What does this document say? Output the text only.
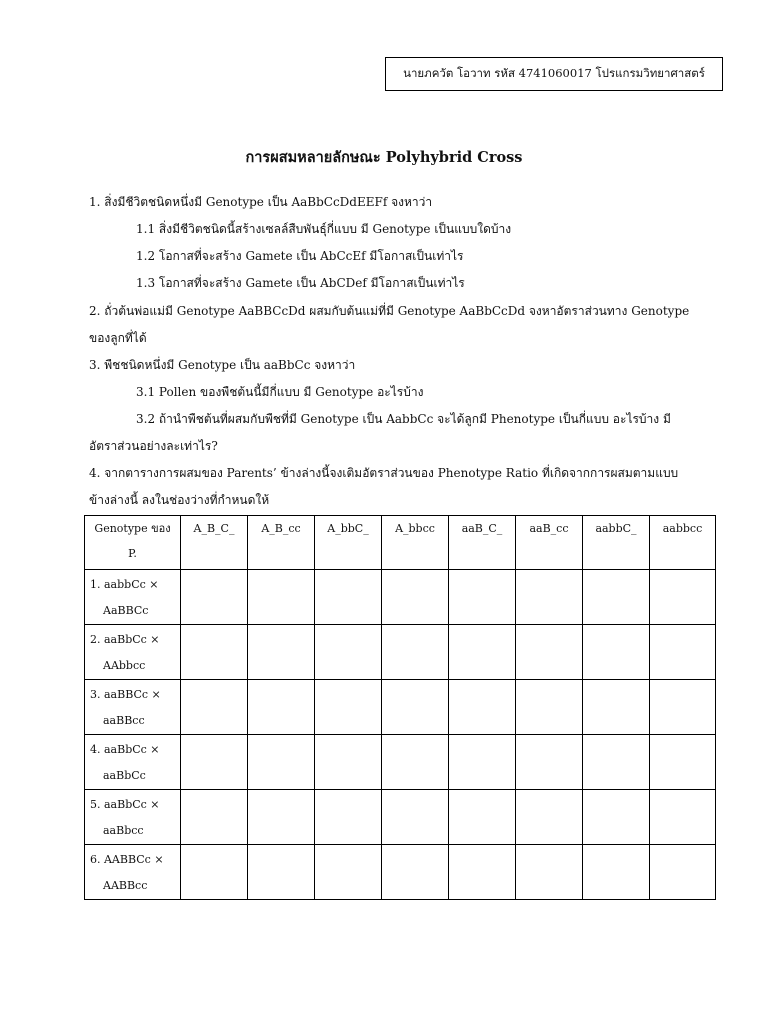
นายภควัต โอวาท รหัส 4741060017 โปรแกรมวิทยาศาสตร์
การผสมหลายลักษณะ Polyhybrid Cross
1. สิ่งมีชีวิตชนิดหนึ่งมี Genotype เป็น AaBbCcDdEEFf จงหาว่า
1.1 สิ่งมีชีวิตชนิดนี้สร้างเซลล์สืบพันธุ์กี่แบบ มี Genotype เป็นแบบใดบ้าง
1.2 โอกาสที่จะสร้าง Gamete เป็น AbCcEf มีโอกาสเป็นเท่าไร
1.3 โอกาสที่จะสร้าง Gamete เป็น AbCDef มีโอกาสเป็นเท่าไร
2. ถั่วต้นพ่อแม่มี Genotype AaBBCcDd ผสมกับต้นแม่ที่มี Genotype AaBbCcDd จงหาอัตราส่วนทาง Genotype
ของลูกที่ได้
3. พืชชนิดหนึ่งมี Genotype เป็น aaBbCc จงหาว่า
3.1 Pollen ของพืชต้นนี้มีกี่แบบ มี Genotype อะไรบ้าง
3.2 ถ้านำพืชต้นที่ผสมกับพืชที่มี Genotype เป็น AabbCc จะได้ลูกมี Phenotype เป็นกี่แบบ อะไรบ้าง มี
อัตราส่วนอย่างละเท่าไร?
4. จากตารางการผสมของ Parents’ ข้างล่างนี้จงเติมอัตราส่วนของ Phenotype Ratio ที่เกิดจากการผสมตามแบบ
ข้างล่างนี้ ลงในช่องว่างที่กำหนดให้
Genotype ของ
P.	A_B_C_	A_B_cc	A_bbC_	A_bbcc	aaB_C_	aaB_cc	aabbC_	aabbcc
1. aabbCc ×
AaBBCc								

2. aaBbCc ×
AAbbcc								

3. aaBBCc ×
aaBBcc								

4. aaBbCc ×
aaBbCc								

5. aaBbCc ×
aaBbcc								

6. AABBCc ×
AABBcc								
